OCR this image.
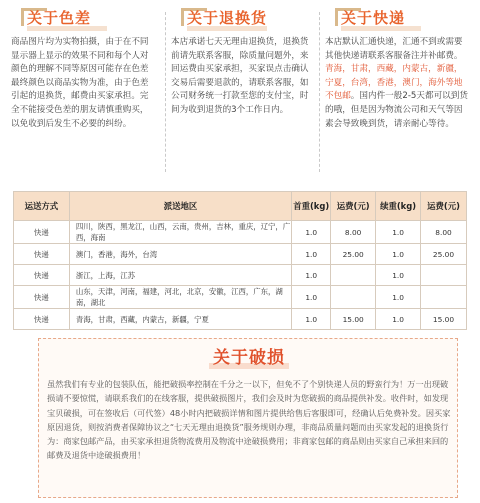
关于色差
商品图片均为实物拍摄，由于在不同显示器上显示的效果不同和每个人对颜色的理解不同等原因可能存在色差最终颜色以商品实物为准，由于色差引起的退换货，邮费由买家承担。完全不能接受色差的朋友请慎重购买，以免收到后发生不必要的纠纷。
关于退换货
本店承诺七天无理由退换货，退换货前请先联系客服，除质量问题外，来回运费由买家承担，买家误点击确认交易后需要退款的，请联系客服，如公司财务统一打款至您的支付宝，时间为收到退货的3个工作日内。
关于快递
本店默认汇通快递，汇通不到或需要其他快递请联系客服备注并补邮费。青海，甘肃，西藏，内蒙古，新疆，宁夏，台湾，香港，澳门，海外等地不包邮。国内件一般2-5天都可以到货的哦，但是因为物流公司和天气等因素会导致晚到货，请亲耐心等待。
运送方式	派送地区	首重(kg)	运费(元)	续重(kg)	运费(元)
快递	四川，陕西，黑龙江，山西，云南，贵州，吉林，重庆，辽宁，广西，海南	1.0	8.00	1.0	8.00
快递	澳门，香港，海外，台湾	1.0	25.00	1.0	25.00
快递	浙江，上海，江苏	1.0		1.0	
快递	山东，天津，河南，福建，河北，北京，安徽，江西，广东，湖南，湖北	1.0		1.0	
快递	青海，甘肃，西藏，内蒙古，新疆，宁夏	1.0	15.00	1.0	15.00
关于破损
虽然我们有专业的包装队伍，能把破损率控制在千分之一以下，但免不了个别快递人员的野蛮行为！万一出现破损请不要惊慌，请联系我们的在线客服，提供破损图片，我们会及时为您破损的商品提供补发。收件时，如发现宝贝破损，可在签收后（可代签）48小时内把破损详情和图片提供给售后客服即可，经确认后免费补发。因买家原因退货，则按消费者保障协议之“七天无理由退换货”服务规则办理，非商品质量问题而由买家发起的退换货行为：商家包邮产品，由买家承担退货物流费用及物流中途破损费用；非商家包邮的商品则由买家自己承担来回的邮费及退货中途破损费用！
